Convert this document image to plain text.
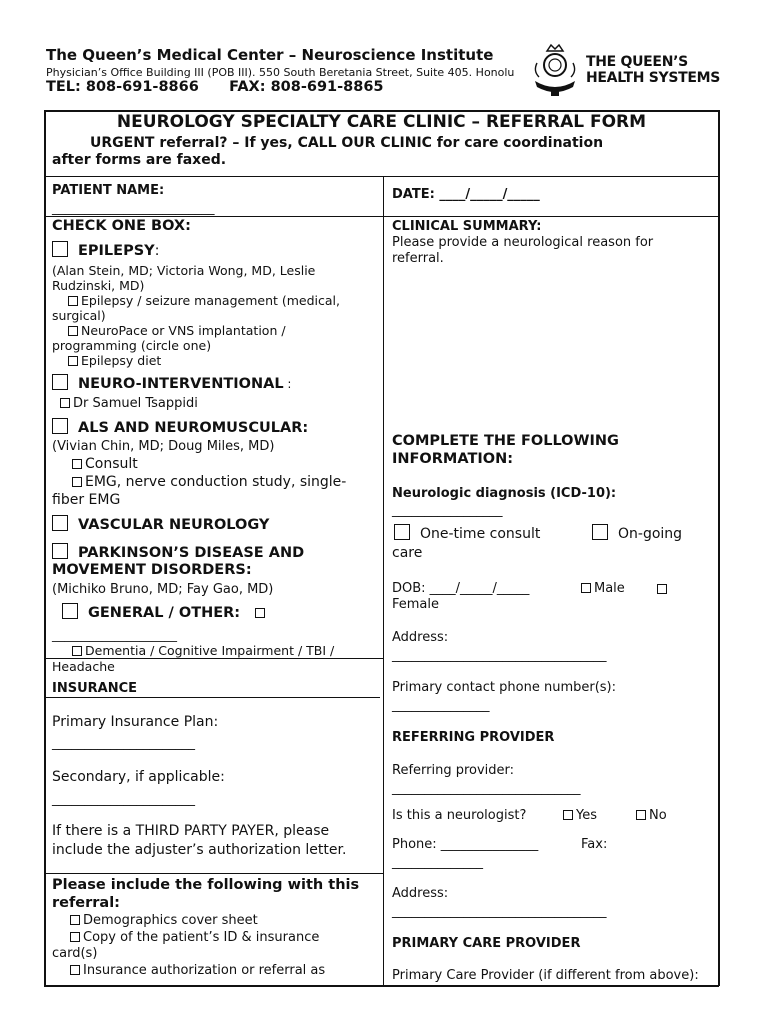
The Queen’s Medical Center – Neuroscience Institute
Physician’s Office Building III (POB III). 550 South Beretania Street, Suite 405. Honolu
TEL: 808-691-8866      FAX: 808-691-8865
THE QUEEN’S
HEALTH SYSTEMS
NEUROLOGY SPECIALTY CARE CLINIC – REFERRAL FORM
URGENT referral? – If yes, CALL OUR CLINIC for care coordination
after forms are faxed.
PATIENT NAME:
_________________________
DATE: ____/_____/_____
CHECK ONE BOX:
EPILEPSY:
(Alan Stein, MD; Victoria Wong, MD, Leslie
Rudzinski, MD)
Epilepsy / seizure management (medical,
surgical)
NeuroPace or VNS implantation /
programming (circle one)
Epilepsy diet
NEURO-INTERVENTIONAL :
Dr Samuel Tsappidi
ALS AND NEUROMUSCULAR:
(Vivian Chin, MD; Doug Miles, MD)
Consult
EMG, nerve conduction study, single-
fiber EMG
VASCULAR NEUROLOGY
PARKINSON’S DISEASE AND
MOVEMENT DISORDERS:
(Michiko Bruno, MD; Fay Gao, MD)
GENERAL / OTHER:
____________________
Dementia / Cognitive Impairment / TBI /
Headache
INSURANCE
Primary Insurance Plan:
______________________
Secondary, if applicable:
______________________
If there is a THIRD PARTY PAYER, please
include the adjuster’s authorization letter.
Please include the following with this
referral:
Demographics cover sheet
Copy of the patient’s ID & insurance
card(s)
Insurance authorization or referral as
CLINICAL SUMMARY:
Please provide a neurological reason for
referral.
COMPLETE THE FOLLOWING
INFORMATION:
Neurologic diagnosis (ICD-10):
_________________
One-time consult	On-going
care
DOB: ____/_____/_____	Male
Female
Address:
_________________________________
Primary contact phone number(s):
_______________
REFERRING PROVIDER
Referring provider:
_____________________________
Is this a neurologist?	Yes	No
Phone: _______________	Fax:
______________
Address:
_________________________________
PRIMARY CARE PROVIDER
Primary Care Provider (if different from above):
